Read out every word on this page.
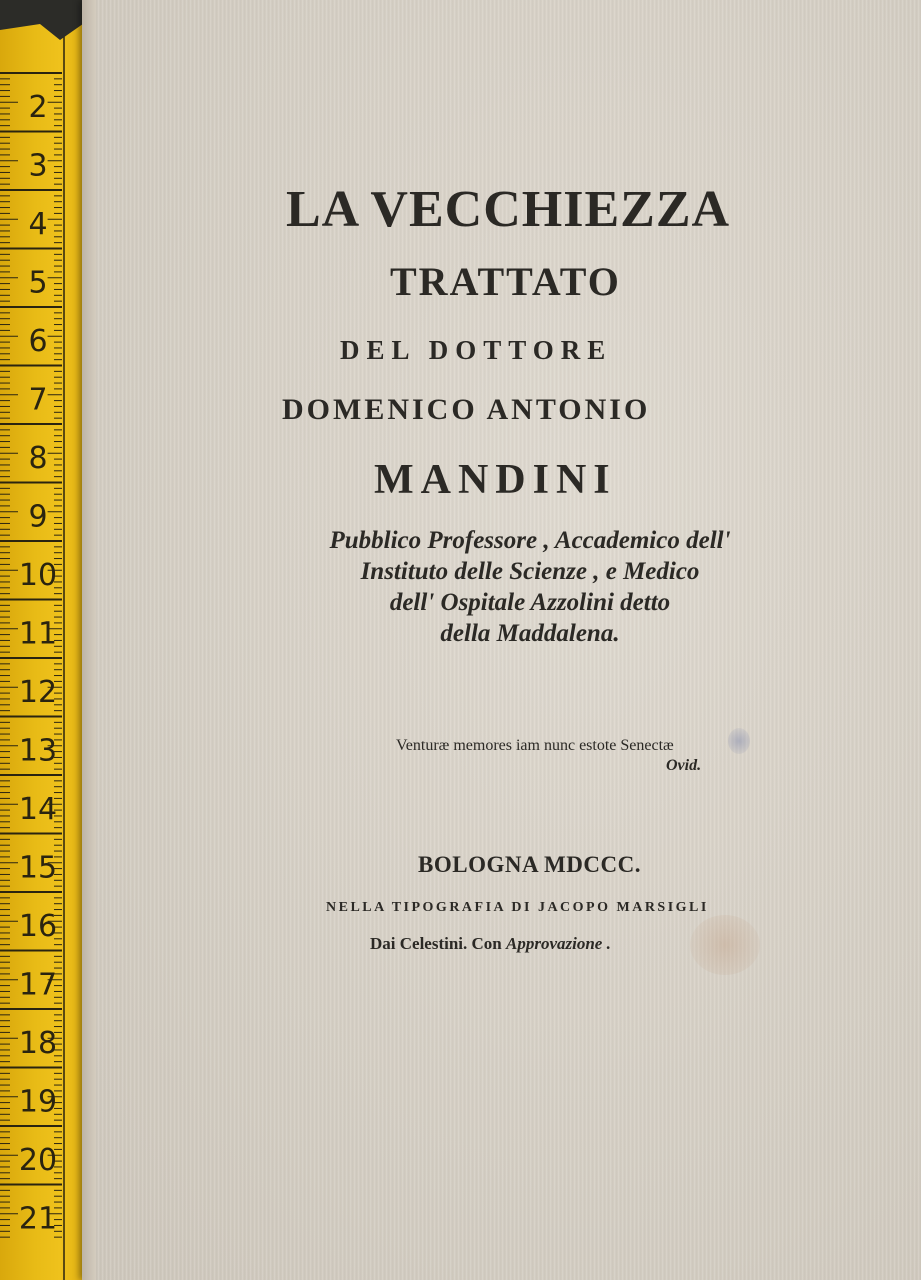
2
3
4
5
6
7
8
9
10
11
12
13
14
15
16
17
18
19
20
21
LA VECCHIEZZA
TRATTATO
DEL DOTTORE
DOMENICO ANTONIO
MANDINI
Pubblico Professore , Accademico dell'
Instituto delle Scienze , e Medico
dell' Ospitale Azzolini detto
della Maddalena.
Venturæ memores iam nunc estote Senectæ
Ovid.
BOLOGNA MDCCC.
NELLA TIPOGRAFIA DI JACOPO MARSIGLI
Dai Celestini. Con Approvazione .
